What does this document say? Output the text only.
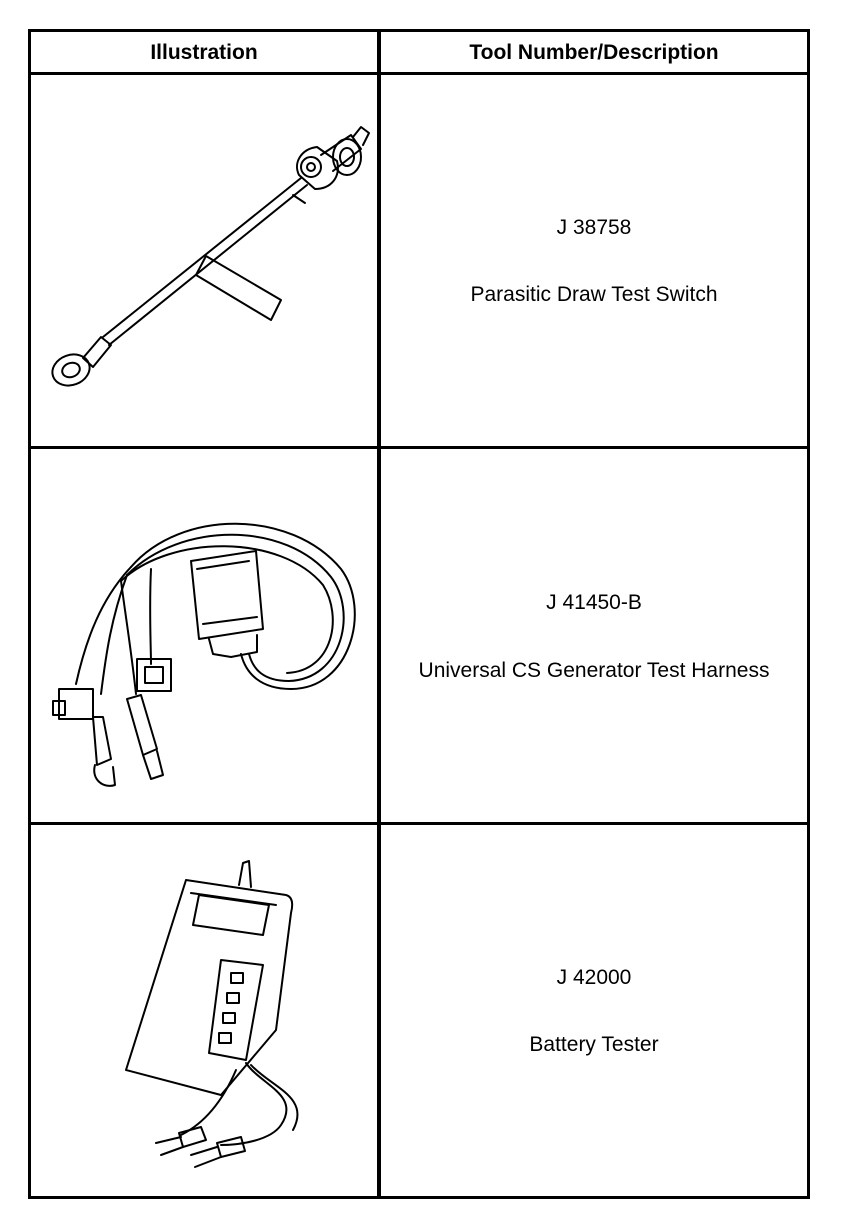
Illustration	Tool Number/Description
J 38758
Parasitic Draw Test Switch
J 41450-B
Universal CS Generator Test Harness
J 42000
Battery Tester
